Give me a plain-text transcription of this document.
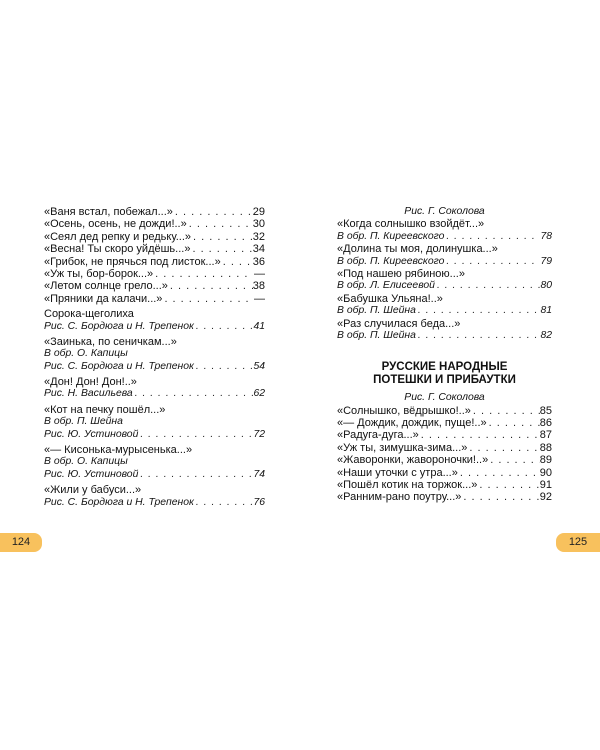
«Ваня встал, побежал...» . . .	29
«Осень, осень, не дожди!..» . . .	30
«Сеял дед репку и редьку...» . . .	32
«Весна! Ты скоро уйдёшь...» . . .	34
«Грибок, не прячься под листок...» . . .	36
«Уж ты, бор-борок...» . . .	—
«Летом солнце грело...» . . .	38
«Пряники да калачи...» . . .	—
Сорока-щеголиха
Рис. С. Бордюга и Н. Трепенок . . .	41
«Заинька, по сеничкам...»
В обр. О. Капицы
Рис. С. Бордюга и Н. Трепенок . . .	54
«Дон! Дон! Дон!..»
Рис. Н. Васильева . . .	62
«Кот на печку пошёл...»
В обр. П. Шейна
Рис. Ю. Устиновой . . .	72
«— Кисонька-мурысенька...»
В обр. О. Капицы
Рис. Ю. Устиновой . . .	74
«Жили у бабуси...»
Рис. С. Бордюга и Н. Трепенок . . .	76
Рис. Г. Соколова
«Когда солнышко взойдёт...»
В обр. П. Киреевского . . .	78
«Долина ты моя, долинушка...»
В обр. П. Киреевского . . .	79
«Под нашею рябиною...»
В обр. Л. Елисеевой . . .	80
«Бабушка Ульяна!..»
В обр. П. Шейна . . .	81
«Раз случилася беда...»
В обр. П. Шейна . . .	82
РУССКИЕ НАРОДНЫЕ
ПОТЕШКИ И ПРИБАУТКИ
Рис. Г. Соколова
«Солнышко, вёдрышко!..» . . .	85
«— Дождик, дождик, пуще!..» . . .	86
«Радуга-дуга...» . . .	87
«Уж ты, зимушка-зима...» . . .	88
«Жаворонки, жавороночки!..» . . .	89
«Наши уточки с утра...» . . .	90
«Пошёл котик на торжок...» . . .	91
«Ранним-рано поутру...» . . .	92
124	125
